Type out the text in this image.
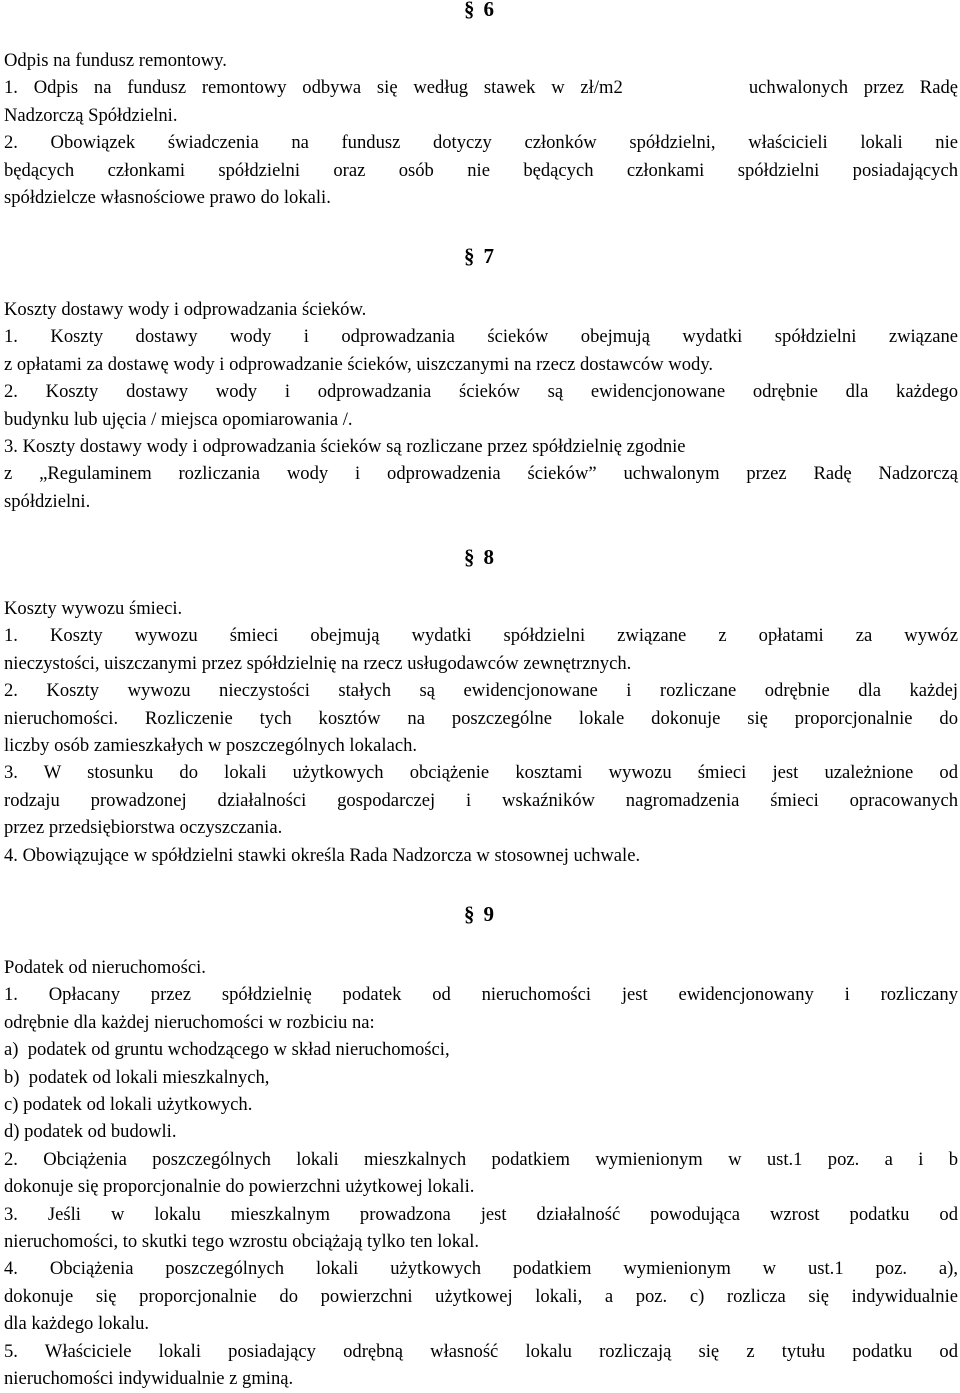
§ 6

Odpis na fundusz remontowy.

1. Odpis na fundusz remontowy odbywa się według stawek w zł/m2        uchwalonych przez Radę

Nadzorczą Spółdzielni.

2. Obowiązek świadczenia na fundusz dotyczy członków spółdzielni, właścicieli lokali nie

będących członkami spółdzielni oraz osób nie będących członkami spółdzielni posiadających

spółdzielcze własnościowe prawo do lokali.

§ 7

Koszty dostawy wody i odprowadzania ścieków.

1. Koszty dostawy wody i odprowadzania ścieków obejmują wydatki spółdzielni związane

z opłatami za dostawę wody i odprowadzanie ścieków, uiszczanymi na rzecz dostawców wody.

2. Koszty dostawy wody i odprowadzania ścieków są ewidencjonowane odrębnie dla każdego

budynku lub ujęcia / miejsca opomiarowania /.

3. Koszty dostawy wody i odprowadzania ścieków są rozliczane przez spółdzielnię zgodnie

z „Regulaminem rozliczania wody i odprowadzenia ścieków” uchwalonym przez Radę Nadzorczą

spółdzielni.

§ 8

Koszty wywozu śmieci.

1. Koszty wywozu śmieci obejmują wydatki spółdzielni związane z opłatami za wywóz

nieczystości, uiszczanymi przez spółdzielnię na rzecz usługodawców zewnętrznych.

2. Koszty wywozu nieczystości stałych są ewidencjonowane i rozliczane odrębnie dla każdej

nieruchomości. Rozliczenie tych kosztów na poszczególne lokale dokonuje się proporcjonalnie do

liczby osób zamieszkałych w poszczególnych lokalach.

3. W stosunku do lokali użytkowych obciążenie kosztami wywozu śmieci jest uzależnione od

rodzaju prowadzonej działalności gospodarczej i wskaźników nagromadzenia śmieci opracowanych

przez przedsiębiorstwa oczyszczania.

4. Obowiązujące w spółdzielni stawki określa Rada Nadzorcza w stosownej uchwale.

§ 9

Podatek od nieruchomości.

1. Opłacany przez spółdzielnię podatek od nieruchomości jest ewidencjonowany i rozliczany

odrębnie dla każdej nieruchomości w rozbiciu na:

a)  podatek od gruntu wchodzącego w skład nieruchomości,

b)  podatek od lokali mieszkalnych,

c) podatek od lokali użytkowych.

d) podatek od budowli.

2. Obciążenia poszczególnych lokali mieszkalnych podatkiem wymienionym w ust.1 poz. a i b

dokonuje się proporcjonalnie do powierzchni użytkowej lokali.

3. Jeśli w lokalu mieszkalnym prowadzona jest działalność powodująca wzrost podatku od

nieruchomości, to skutki tego wzrostu obciążają tylko ten lokal.

4. Obciążenia poszczególnych lokali użytkowych podatkiem wymienionym w ust.1 poz. a),

dokonuje się proporcjonalnie do powierzchni użytkowej lokali, a poz. c) rozlicza się indywidualnie

dla każdego lokalu.

5. Właściciele lokali posiadający odrębną własność lokalu rozliczają się z tytułu podatku od

nieruchomości indywidualnie z gminą.
